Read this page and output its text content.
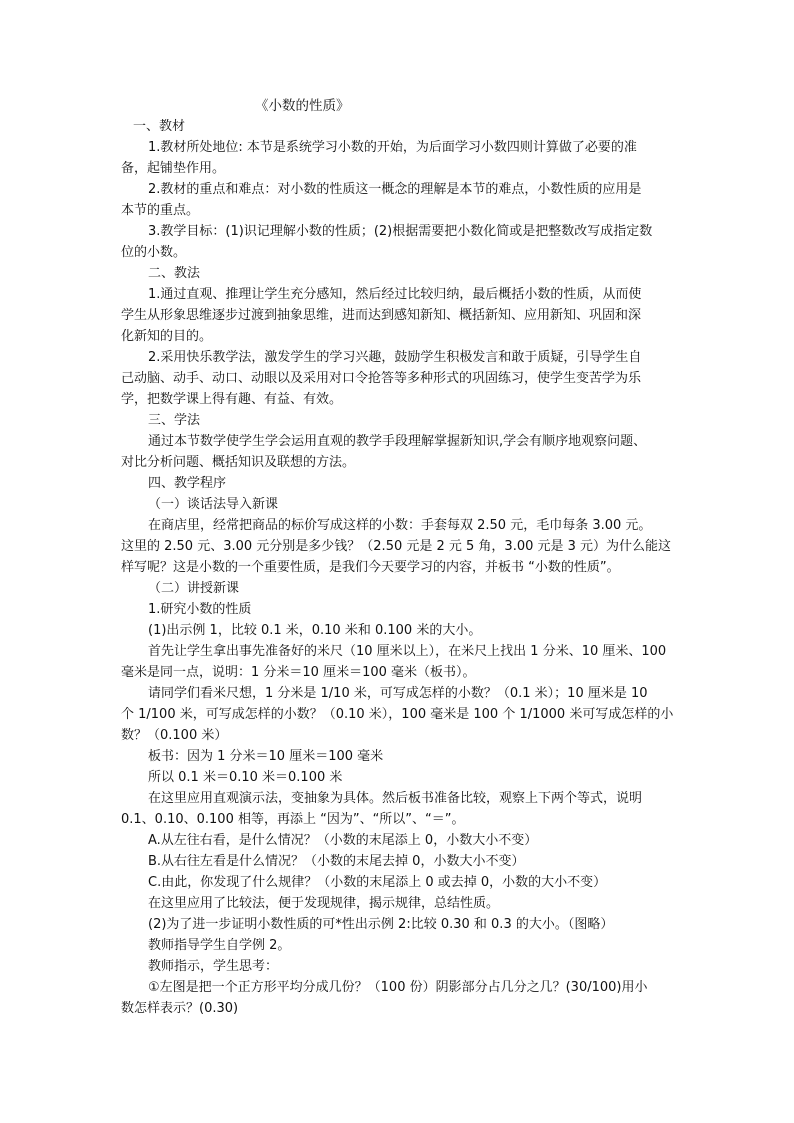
《小数的性质》
一、教材
1.教材所处地位: 本节是系统学习小数的开始，为后面学习小数四则计算做了必要的准
备，起铺垫作用。
2.教材的重点和难点：对小数的性质这一概念的理解是本节的难点，小数性质的应用是
本节的重点。
3.教学目标：(1)识记理解小数的性质；(2)根据需要把小数化简或是把整数改写成指定数
位的小数。
二、教法
1.通过直观、推理让学生充分感知，然后经过比较归纳，最后概括小数的性质，从而使
学生从形象思维逐步过渡到抽象思维，进而达到感知新知、概括新知、应用新知、巩固和深
化新知的目的。
2.采用快乐教学法，激发学生的学习兴趣，鼓励学生积极发言和敢于质疑，引导学生自
己动脑、动手、动口、动眼以及采用对口令抢答等多种形式的巩固练习，使学生变苦学为乐
学，把数学课上得有趣、有益、有效。
三、学法
通过本节数学使学生学会运用直观的教学手段理解掌握新知识,学会有顺序地观察问题、
对比分析问题、概括知识及联想的方法。
四、教学程序
（一）谈话法导入新课
在商店里，经常把商品的标价写成这样的小数：手套每双 2.50 元，毛巾每条 3.00 元。
这里的 2.50 元、3.00 元分别是多少钱？（2.50 元是 2 元 5 角，3.00 元是 3 元）为什么能这
样写呢？这是小数的一个重要性质，是我们今天要学习的内容，并板书 “小数的性质”。
（二）讲授新课
1.研究小数的性质
(1)出示例 1，比较 0.1 米，0.10 米和 0.100 米的大小。
首先让学生拿出事先准备好的米尺（10 厘米以上），在米尺上找出 1 分米、10 厘米、100
毫米是同一点，说明：1 分米＝10 厘米＝100 毫米（板书）。
请同学们看米尺想，1 分米是 1/10 米，可写成怎样的小数？（0.1 米）；10 厘米是 10
个 1/100 米，可写成怎样的小数？（0.10 米），100 毫米是 100 个 1/1000 米可写成怎样的小
数？（0.100 米）
板书：因为 1 分米＝10 厘米＝100 毫米
所以 0.1 米＝0.10 米＝0.100 米
在这里应用直观演示法，变抽象为具体。然后板书准备比较，观察上下两个等式，说明
0.1、0.10、0.100 相等，再添上 “因为”、“所以”、“＝”。
A.从左往右看，是什么情况？（小数的末尾添上 0，小数大小不变）
B.从右往左看是什么情况？（小数的末尾去掉 0，小数大小不变）
C.由此，你发现了什么规律？（小数的末尾添上 0 或去掉 0，小数的大小不变）
在这里应用了比较法，便于发现规律，揭示规律，总结性质。
(2)为了进一步证明小数性质的可*性出示例 2:比较 0.30 和 0.3 的大小。（图略）
教师指导学生自学例 2。
教师指示，学生思考：
①左图是把一个正方形平均分成几份？（100 份）阴影部分占几分之几？(30/100)用小
数怎样表示？(0.30)
